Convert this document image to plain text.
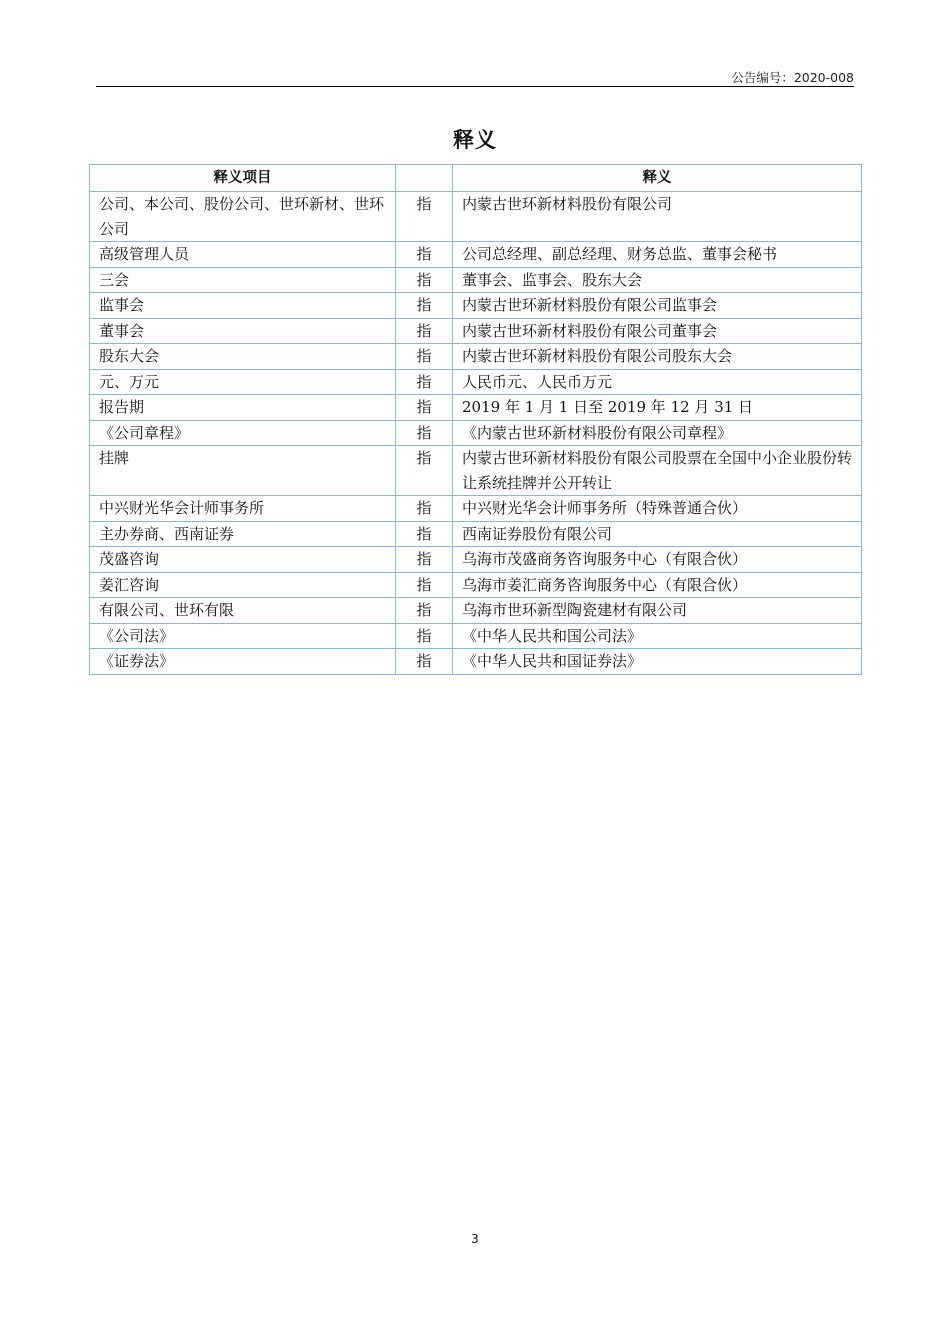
公告编号：2020-008
释义
释义项目		释义
公司、本公司、股份公司、世环新材、世环公司	指	内蒙古世环新材料股份有限公司
高级管理人员	指	公司总经理、副总经理、财务总监、董事会秘书
三会	指	董事会、监事会、股东大会
监事会	指	内蒙古世环新材料股份有限公司监事会
董事会	指	内蒙古世环新材料股份有限公司董事会
股东大会	指	内蒙古世环新材料股份有限公司股东大会
元、万元	指	人民币元、人民币万元
报告期	指	2019 年 1 月 1 日至 2019 年 12 月 31 日
《公司章程》	指	《内蒙古世环新材料股份有限公司章程》
挂牌	指	内蒙古世环新材料股份有限公司股票在全国中小企业股份转让系统挂牌并公开转让
中兴财光华会计师事务所	指	中兴财光华会计师事务所（特殊普通合伙）
主办券商、西南证券	指	西南证券股份有限公司
茂盛咨询	指	乌海市茂盛商务咨询服务中心（有限合伙）
姜汇咨询	指	乌海市姜汇商务咨询服务中心（有限合伙）
有限公司、世环有限	指	乌海市世环新型陶瓷建材有限公司
《公司法》	指	《中华人民共和国公司法》
《证券法》	指	《中华人民共和国证券法》
3
